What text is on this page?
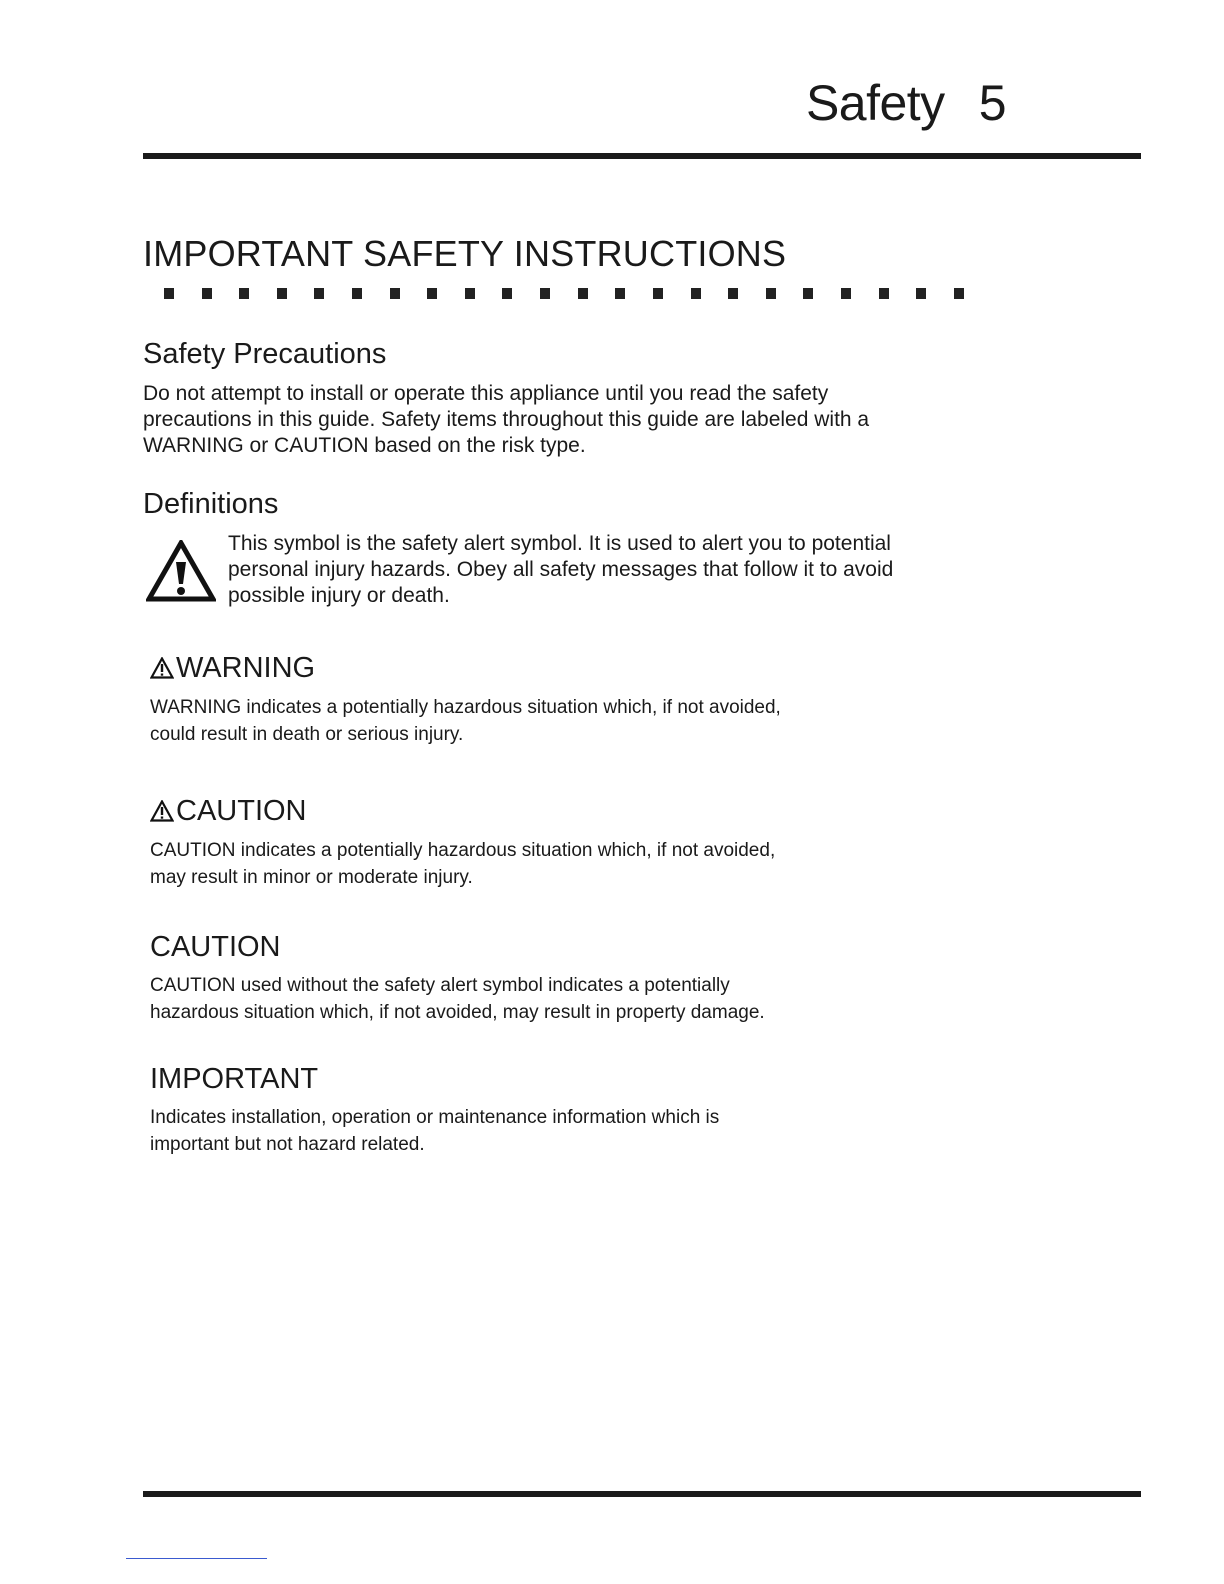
Safety 5
IMPORTANT SAFETY INSTRUCTIONS
Safety Precautions
Do not attempt to install or operate this appliance until you read the safety
precautions in this guide. Safety items throughout this guide are labeled with a
WARNING or CAUTION based on the risk type.
Definitions
This symbol is the safety alert symbol. It is used to alert you to potential
personal injury hazards. Obey all safety messages that follow it to avoid
possible injury or death.
WARNING
WARNING indicates a potentially hazardous situation which, if not avoided,
could result in death or serious injury.
CAUTION
CAUTION indicates a potentially hazardous situation which, if not avoided,
may result in minor or moderate injury.
CAUTION
CAUTION used without the safety alert symbol indicates a potentially
hazardous situation which, if not avoided, may result in property damage.
IMPORTANT
Indicates installation, operation or maintenance information which is
important but not hazard related.
